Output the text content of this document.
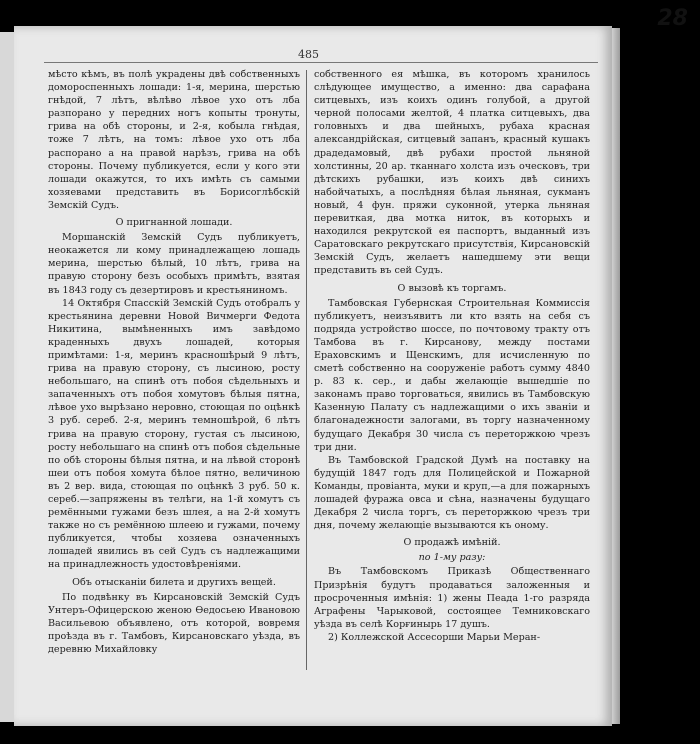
485

мѣсто кѣмъ, въ полѣ украдены двѣ собственныхъ домороспенныхъ лошади: 1-я, мерина, шерстью гнѣдой, 7 лѣтъ, вѣлѣво лѣвое ухо отъ лба разпорано у передних ногъ копыты тронуты, грива на обѣ стороны, и 2-я, кобыла гнѣдая, тоже 7 лѣтъ, на томъ: лѣвое ухо отъ лба распорано а на правой нарѣзъ, грива на обѣ стороны. Почему публикуется, если у кого эти лошади окажутся, то ихъ имѣть съ самыми хозяевами представить въ Борисоглѣбскій Земскій Судъ.

О пригнанной лошади.

Моршанскій Земскій Судъ публикуетъ, неокажется ли кому принадлежащею лошадь мерина, шерстью бѣлый, 10 лѣтъ, грива на правую сторону безъ особыхъ примѣтъ, взятая въ 1843 году съ дезертировъ и крестьяниномъ.

14 Октября Спасскій Земскій Судъ отобралъ у крестьянина деревни Новой Вичмерги Федота Никитина, вымѣненныхъ имъ завѣдомо краденныхъ двухъ лошадей, которыя примѣтами: 1-я, меринъ красношѣрый 9 лѣтъ, грива на правую сторону, съ лысиною, росту небольшаго, на спинѣ отъ побоя сѣдельныхъ и запаченныхъ отъ побоя хомутовъ бѣлыя пятна, лѣвое ухо вырѣзано неровно, стоющая по оцѣнкѣ 3 руб. сереб. 2-я, меринъ темношѣрой, 6 лѣтъ грива на правую сторону, густая съ лысиною, росту небольшаго на спинѣ отъ побоя сѣдельные по обѣ стороны бѣлыя пятна, и на лѣвой сторонѣ шеи отъ побоя хомута бѣлое пятно, величиною въ 2 вер. вида, стоющая по оцѣнкѣ 3 руб. 50 к. сереб.—запряжены въ телѣги, на 1-й хомутъ съ ремёнными гужами безъ шлея, а на 2-й хомутъ также но съ ремённою шлеею и гужами, почему публикуется, чтобы хозяева означенныхъ лошадей явились въ сей Судъ съ надлежащими на принадлежность удостовѣреніями.

Объ отысканіи билета и другихъ вещей.

По подвѣнку въ Кирсановскій Земскій Судъ Унтеръ-Офицерскою женою Өедосьею Ивановою Васильевою объявлено, отъ которой, вовремя проѣзда въ г. Тамбовъ, Кирсановскаго уѣзда, въ деревню Михайловку

собственного ея мѣшка, въ которомъ хранилось слѣдующее имущество, а именно: два сарафана ситцевыхъ, изъ коихъ одинъ голубой, а другой черной полосами желтой, 4 платка ситцевыхъ, два головныхъ и два шейныхъ, рубаха красная александрійская, ситцевый запанъ, красный кушакъ драдедамовый, двѣ рубахи простой льняной холстинны, 20 ар. тканнаго холста изъ оческовъ, три дѣтскихъ рубашки, изъ коихъ двѣ синихъ набойчатыхъ, а послѣдняя бѣлая льняная, сукманъ новый, 4 фун. пряжи суконной, утерка льняная перевиткая, два мотка ниток, въ которыхъ и находился рекрутской ея паспортъ, выданный изъ Саратовскаго рекрутскаго присутствія, Кирсановскій Земскій Судъ, желаетъ нашедшему эти вещи представить въ сей Судъ.

О вызовѣ къ торгамъ.

Тамбовская Губернская Строительная Коммиссія публикуетъ, неизъявитъ ли кто взять на себя съ подряда устройство шоссе, по почтовому тракту отъ Тамбова въ г. Кирсанову, между постами Ераховскимъ и Щенскимъ, для исчисленную по сметѣ собственно на сооруженіе работъ сумму 4840 р. 83 к. сер., и дабы желающіе вышедшіе по законамъ право торговаться, явились въ Тамбовскую Казенную Палату съ надлежащими о ихъ званіи и благонадежности залогами, въ торгу назначенному будущаго Декабря 30 числа съ переторжкою чрезъ три дни.

Въ Тамбовской Градской Думѣ на поставку на будущій 1847 годъ для Полицейской и Пожарной Команды, провіанта, муки и круп,—а для пожарныхъ лошадей фуража овса и сѣна, назначены будущаго Декабря 2 числа торгъ, съ переторжкою чрезъ три дня, почему желающіе вызываются къ оному.

О продажѣ имѣній.

по 1-му разу:

Въ Тамбовскомъ Приказѣ Общественнаго Призрѣнія будутъ продаваться заложенныя и просроченныя имѣнія: 1) жены Пеада 1-го разряда Аграфены Чарыковой, состоящее Темниковскаго уѣзда въ селѣ Корғинырь 17 душъ.

2) Коллежской Ассесорши Марьи Меран-

28
